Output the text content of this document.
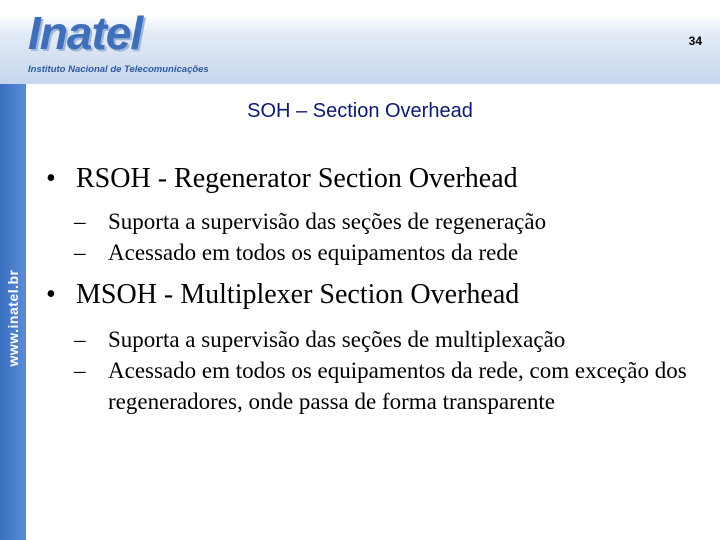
www.inatel.br
Inatel
Instituto Nacional de Telecomunicações
34
SOH – Section Overhead
• RSOH - Regenerator Section Overhead
– Suporta a supervisão das seções de regeneração
– Acessado em todos os equipamentos da rede
• MSOH - Multiplexer Section Overhead
– Suporta a supervisão das seções de multiplexação
– Acessado em todos os equipamentos da rede, com exceção dos regeneradores, onde passa de forma transparente
